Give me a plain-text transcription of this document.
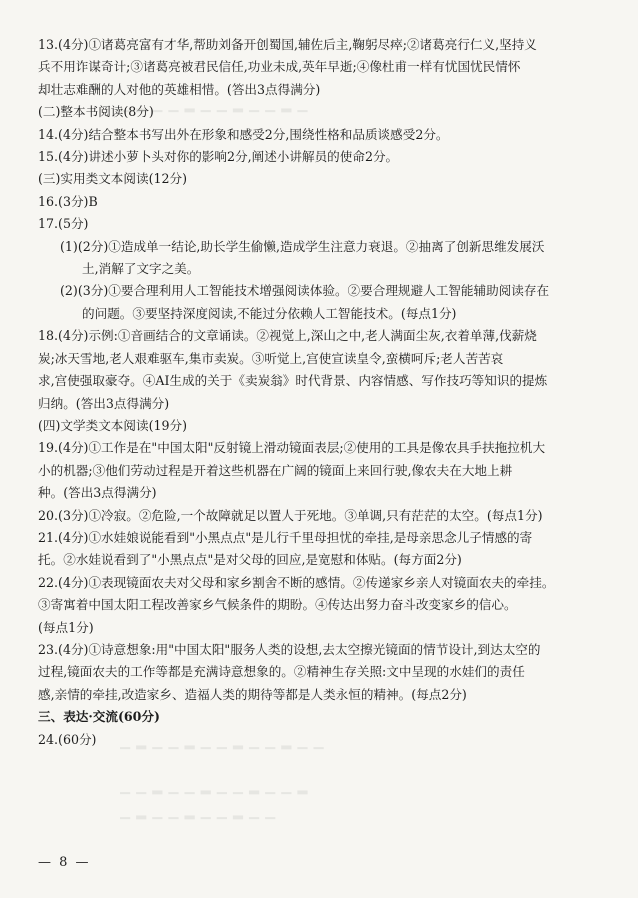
▁ ▂ ▁ ▁ ▂ ▁ ▁ ▂ ▁ ▁ ▂ ▁
▁ ▂ ▁ ▁ ▂ ▁ ▁ ▂ ▁ ▁ ▂ ▁ ▁
▁ ▁ ▂ ▁ ▁ ▂ ▁ ▁ ▂ ▁ ▁ ▂
▁ ▂ ▁ ▁ ▂ ▁ ▁ ▂ ▁ ▁
13.(4分)①诸葛亮富有才华,帮助刘备开创蜀国,辅佐后主,鞠躬尽瘁;②诸葛亮行仁义,坚持义
兵不用诈谋奇计;③诸葛亮被君民信任,功业未成,英年早逝;④像杜甫一样有忧国忧民情怀
却壮志难酬的人对他的英雄相惜。(答出3点得满分)
(二)整本书阅读(8分)
14.(4分)结合整本书写出外在形象和感受2分,围绕性格和品质谈感受2分。
15.(4分)讲述小萝卜头对你的影响2分,阐述小讲解员的使命2分。
(三)实用类文本阅读(12分)
16.(3分)B
17.(5分)
(1)(2分)①造成单一结论,助长学生偷懒,造成学生注意力衰退。②抽离了创新思维发展沃
土,消解了文字之美。
(2)(3分)①要合理利用人工智能技术增强阅读体验。②要合理规避人工智能辅助阅读存在
的问题。③要坚持深度阅读,不能过分依赖人工智能技术。(每点1分)
18.(4分)示例:①音画结合的文章诵读。②视觉上,深山之中,老人满面尘灰,衣着单薄,伐薪烧
炭;冰天雪地,老人艰难驱车,集市卖炭。③听觉上,宫使宣读皇令,蛮横呵斥;老人苦苦哀
求,宫使强取豪夺。④AI生成的关于《卖炭翁》时代背景、内容情感、写作技巧等知识的提炼
归纳。(答出3点得满分)
(四)文学类文本阅读(19分)
19.(4分)①工作是在"中国太阳"反射镜上滑动镜面表层;②使用的工具是像农具手扶拖拉机大
小的机器;③他们劳动过程是开着这些机器在广阔的镜面上来回行驶,像农夫在大地上耕
种。(答出3点得满分)
20.(3分)①冷寂。②危险,一个故障就足以置人于死地。③单调,只有茫茫的太空。(每点1分)
21.(4分)①水娃娘说能看到"小黑点点"是儿行千里母担忧的牵挂,是母亲思念儿子情感的寄
托。②水娃说看到了"小黑点点"是对父母的回应,是宽慰和体贴。(每方面2分)
22.(4分)①表现镜面农夫对父母和家乡割舍不断的感情。②传递家乡亲人对镜面农夫的牵挂。
③寄寓着中国太阳工程改善家乡气候条件的期盼。④传达出努力奋斗改变家乡的信心。
(每点1分)
23.(4分)①诗意想象:用"中国太阳"服务人类的设想,去太空擦光镜面的情节设计,到达太空的
过程,镜面农夫的工作等都是充满诗意想象的。②精神生存关照:文中呈现的水娃们的责任
感,亲情的牵挂,改造家乡、造福人类的期待等都是人类永恒的精神。(每点2分)
三、表达·交流(60分)
24.(60分)
— 8 —
